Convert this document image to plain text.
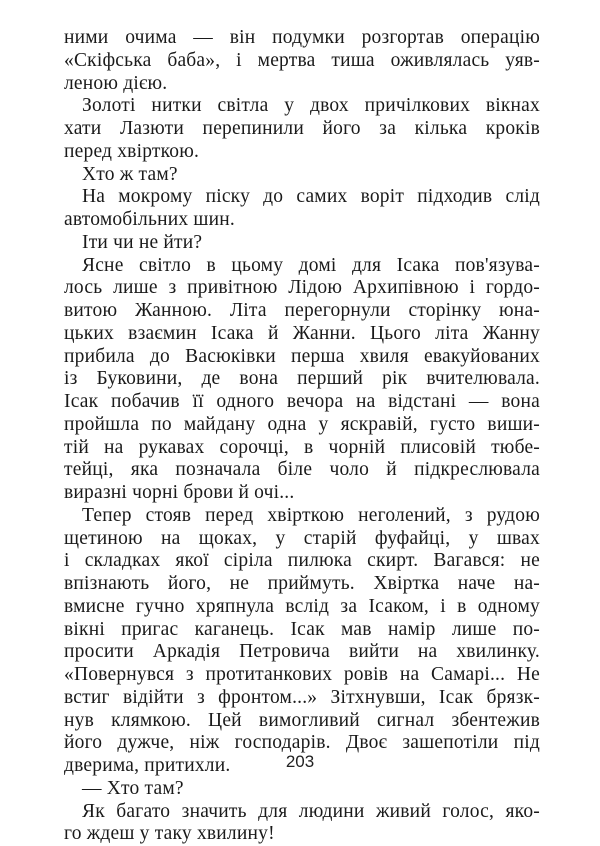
ними очима — він подумки розгортав операцію
«Скіфська баба», і мертва тиша оживлялась уяв-
леною дією.
Золоті нитки світла у двох причілкових вікнах
хати Лазюти перепинили його за кілька кроків
перед хвірткою.
Хто ж там?
На мокрому піску до самих воріт підходив слід
автомобільних шин.
Іти чи не йти?
Ясне світло в цьому домі для Ісака пов'язува-
лось лише з привітною Лідою Архипівною і гордо-
витою Жанною. Літа перегорнули сторінку юна-
цьких взаємин Ісака й Жанни. Цього літа Жанну
прибила до Васюківки перша хвиля евакуйованих
із Буковини, де вона перший рік вчителювала.
Ісак побачив її одного вечора на відстані — вона
пройшла по майдану одна у яскравій, густо виши-
тій на рукавах сорочці, в чорній плисовій тюбе-
тейці, яка позначала біле чоло й підкреслювала
виразні чорні брови й очі...
Тепер стояв перед хвірткою неголений, з рудою
щетиною на щоках, у старій фуфайці, у швах
і складках якої сіріла пилюка скирт. Вагався: не
впізнають його, не приймуть. Хвіртка наче на-
вмисне гучно хряпнула вслід за Ісаком, і в одному
вікні пригас каганець. Ісак мав намір лише по-
просити Аркадія Петровича вийти на хвилинку.
«Повернувся з протитанкових ровів на Самарі... Не
встиг відійти з фронтом...» Зітхнувши, Ісак брязк-
нув клямкою. Цей вимогливий сигнал збентежив
його дужче, ніж господарів. Двоє зашепотіли під
дверима, притихли.
— Хто там?
Як багато значить для людини живий голос, яко-
го ждеш у таку хвилину!
203
